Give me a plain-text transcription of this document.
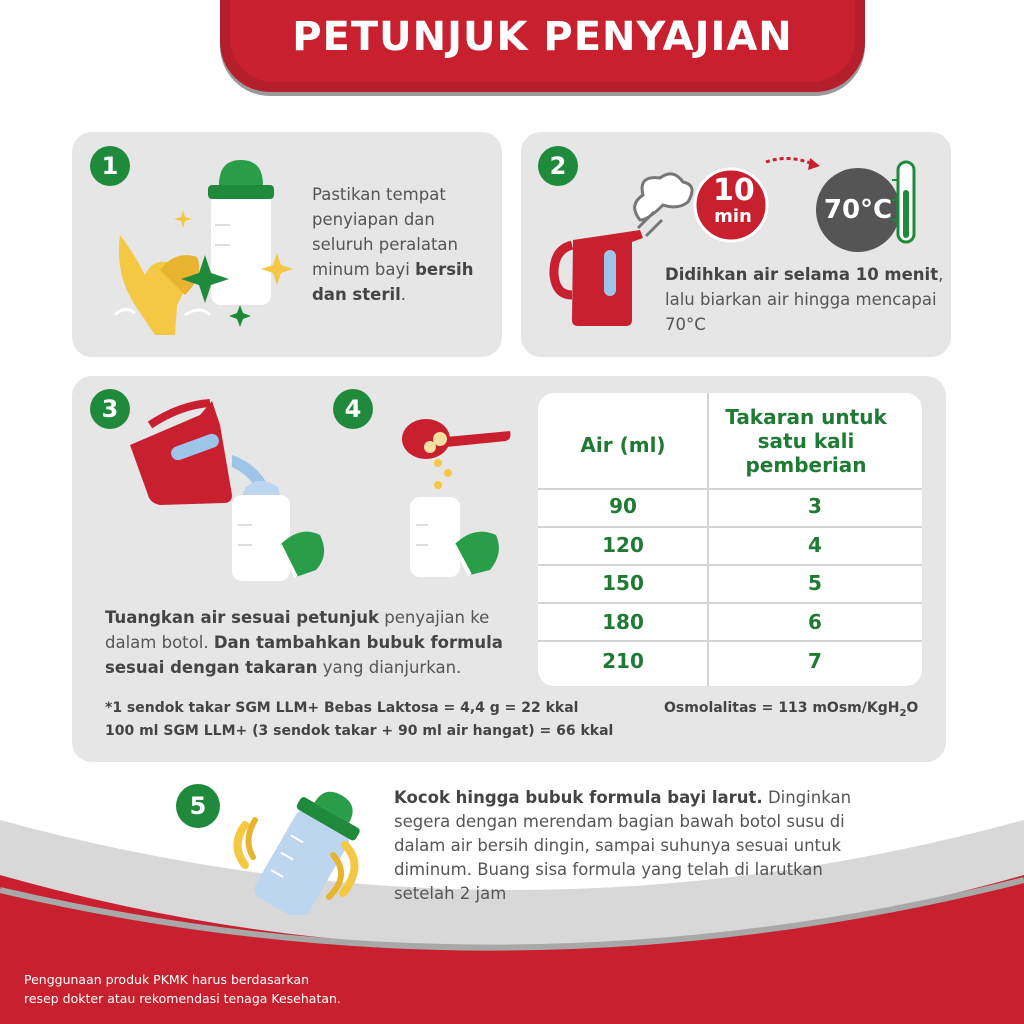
PETUNJUK PENYAJIAN
1
Pastikan tempat penyiapan dan seluruh peralatan minum bayi bersih dan steril.
2
10
min	70°C
Didihkan air selama 10 menit, lalu biarkan air hingga mencapai 70°C
3	4
Tuangkan air sesuai petunjuk penyajian ke dalam botol. Dan tambahkan bubuk formula sesuai dengan takaran yang dianjurkan.
Air (ml)
Takaran untuk satu kali pemberian
90	3
120	4
150	5
180	6
210	7
*1 sendok takar SGM LLM+ Bebas Laktosa = 4,4 g = 22 kkal
100 ml SGM LLM+ (3 sendok takar + 90 ml air hangat) = 66 kkal
Osmolalitas = 113 mOsm/KgH$_2$O
5	Kocok hingga bubuk formula bayi larut. Dinginkan segera dengan merendam bagian bawah botol susu di dalam air bersih dingin, sampai suhunya sesuai untuk diminum. Buang sisa formula yang telah di larutkan setelah 2 jam
Penggunaan produk PKMK harus berdasarkan
resep dokter atau rekomendasi tenaga Kesehatan.
